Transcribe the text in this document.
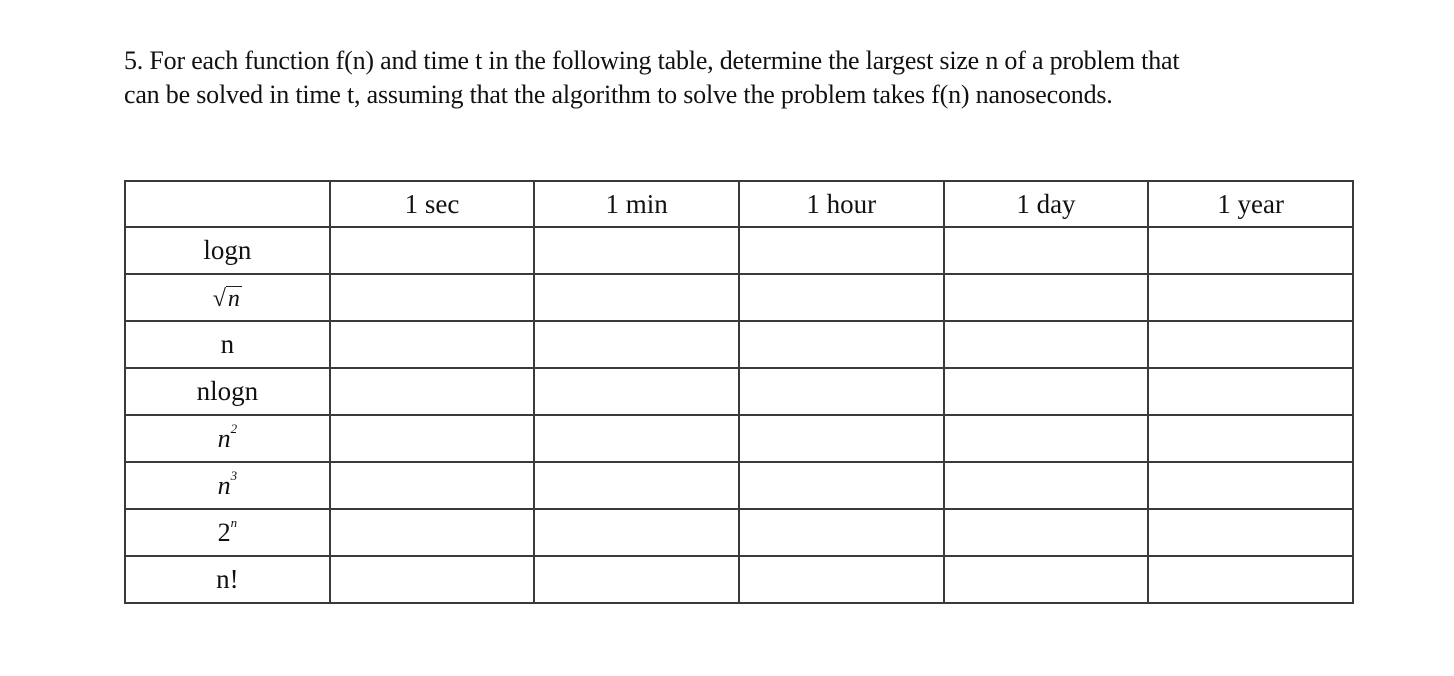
5. For each function f(n) and time t in the following table, determine the largest size n of a problem that
can be solved in time t, assuming that the algorithm to solve the problem takes f(n) nanoseconds.
	1 sec	1 min	1 hour	1 day	1 year
logn					
√n					
n					
nlogn					
$n^2$					
$n^3$					
2$^n$					
n!					
